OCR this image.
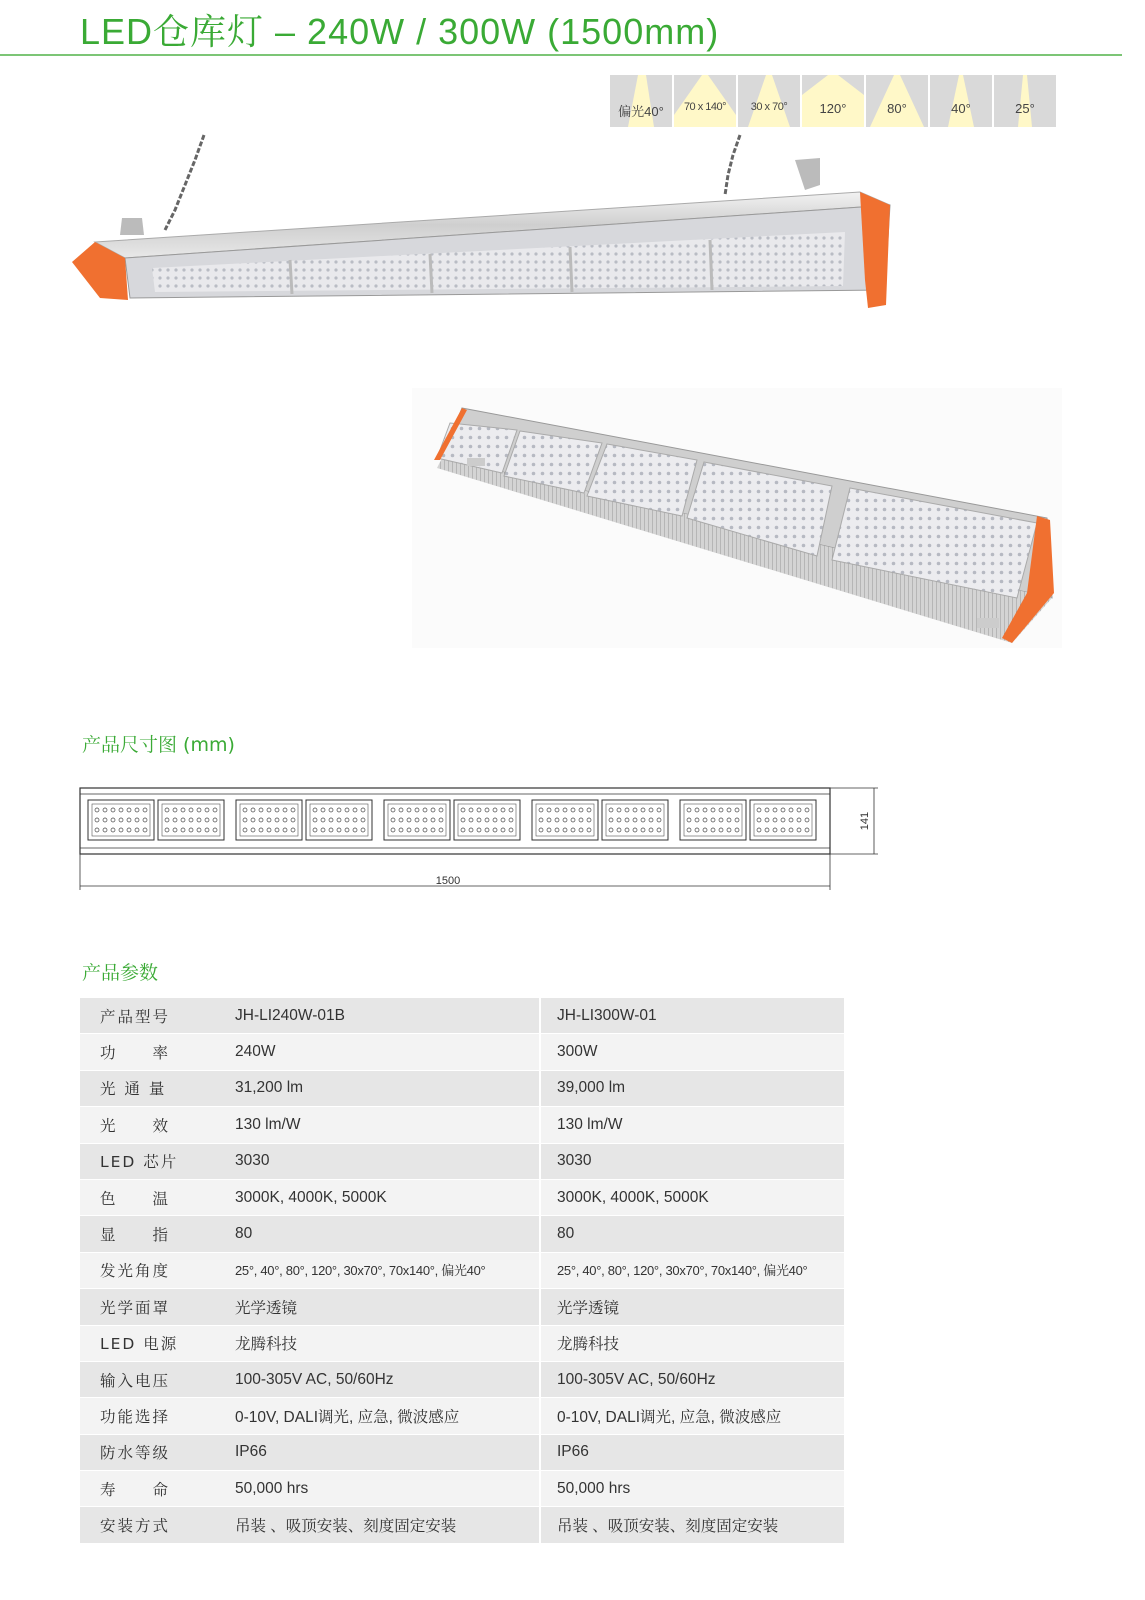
LED仓库灯 – 240W / 300W (1500mm)
偏光40°	70 x 140°	30 x 70°	120°	80°	40°	25°
产品尺寸图 (mm)
141
1500
产品参数
产品型号	JH-LI240W-01B	JH-LI300W-01
功　　率	240W	300W
光 通 量	31,200 lm	39,000 lm
光　　效	130 lm/W	130 lm/W
LED 芯片	3030	3030
色　　温	3000K, 4000K, 5000K	3000K, 4000K, 5000K
显　　指	80	80
发光角度	25°, 40°, 80°, 120°, 30x70°, 70x140°, 偏光40°	25°, 40°, 80°, 120°, 30x70°, 70x140°, 偏光40°
光学面罩	光学透镜	光学透镜
LED 电源	龙腾科技	龙腾科技
输入电压	100-305V AC, 50/60Hz	100-305V AC, 50/60Hz
功能选择	0-10V, DALI调光, 应急, 微波感应	0-10V, DALI调光, 应急, 微波感应
防水等级	IP66	IP66
寿　　命	50,000 hrs	50,000 hrs
安装方式	吊装 、吸顶安装、刻度固定安装	吊装 、吸顶安装、刻度固定安装
